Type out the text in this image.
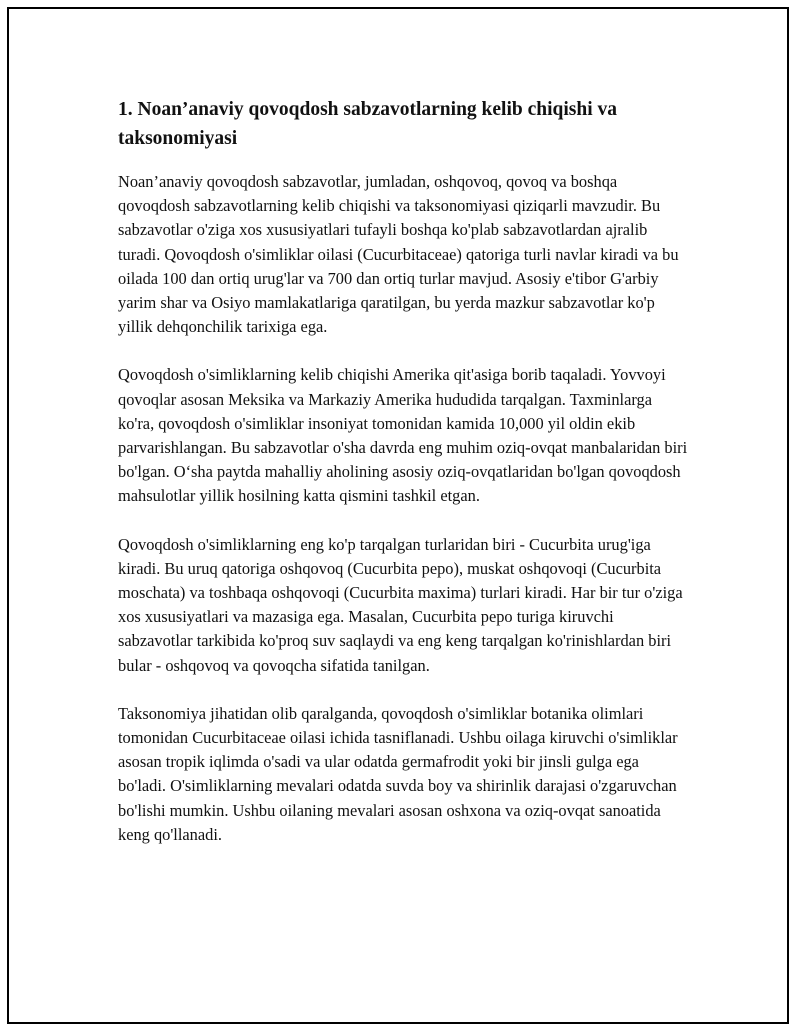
1. Noan’anaviy qovoqdosh sabzavotlarning kelib chiqishi va taksonomiyasi

Noan’anaviy qovoqdosh sabzavotlar, jumladan, oshqovoq, qovoq va boshqa qovoqdosh sabzavotlarning kelib chiqishi va taksonomiyasi qiziqarli mavzudir. Bu sabzavotlar o'ziga xos xususiyatlari tufayli boshqa ko'plab sabzavotlardan ajralib turadi. Qovoqdosh o'simliklar oilasi (Cucurbitaceae) qatoriga turli navlar kiradi va bu oilada 100 dan ortiq urug'lar va 700 dan ortiq turlar mavjud. Asosiy e'tibor G'arbiy yarim shar va Osiyo mamlakatlariga qaratilgan, bu yerda mazkur sabzavotlar ko'p yillik dehqonchilik tarixiga ega.

Qovoqdosh o'simliklarning kelib chiqishi Amerika qit'asiga borib taqaladi. Yovvoyi qovoqlar asosan Meksika va Markaziy Amerika hududida tarqalgan. Taxminlarga ko'ra, qovoqdosh o'simliklar insoniyat tomonidan kamida 10,000 yil oldin ekib parvarishlangan. Bu sabzavotlar o'sha davrda eng muhim oziq-ovqat manbalaridan biri bo'lgan. O‘sha paytda mahalliy aholining asosiy oziq-ovqatlaridan bo'lgan qovoqdosh mahsulotlar yillik hosilning katta qismini tashkil etgan.

Qovoqdosh o'simliklarning eng ko'p tarqalgan turlaridan biri - Cucurbita urug'iga kiradi. Bu uruq qatoriga oshqovoq (Cucurbita pepo), muskat oshqovoqi (Cucurbita moschata) va toshbaqa oshqovoqi (Cucurbita maxima) turlari kiradi. Har bir tur o'ziga xos xususiyatlari va mazasiga ega. Masalan, Cucurbita pepo turiga kiruvchi sabzavotlar tarkibida ko'proq suv saqlaydi va eng keng tarqalgan ko'rinishlardan biri bular - oshqovoq va qovoqcha sifatida tanilgan.

Taksonomiya jihatidan olib qaralganda, qovoqdosh o'simliklar botanika olimlari tomonidan Cucurbitaceae oilasi ichida tasniflanadi. Ushbu oilaga kiruvchi o'simliklar asosan tropik iqlimda o'sadi va ular odatda germafrodit yoki bir jinsli gulga ega bo'ladi. O'simliklarning mevalari odatda suvda boy va shirinlik darajasi o'zgaruvchan bo'lishi mumkin. Ushbu oilaning mevalari asosan oshxona va oziq-ovqat sanoatida keng qo'llanadi.
